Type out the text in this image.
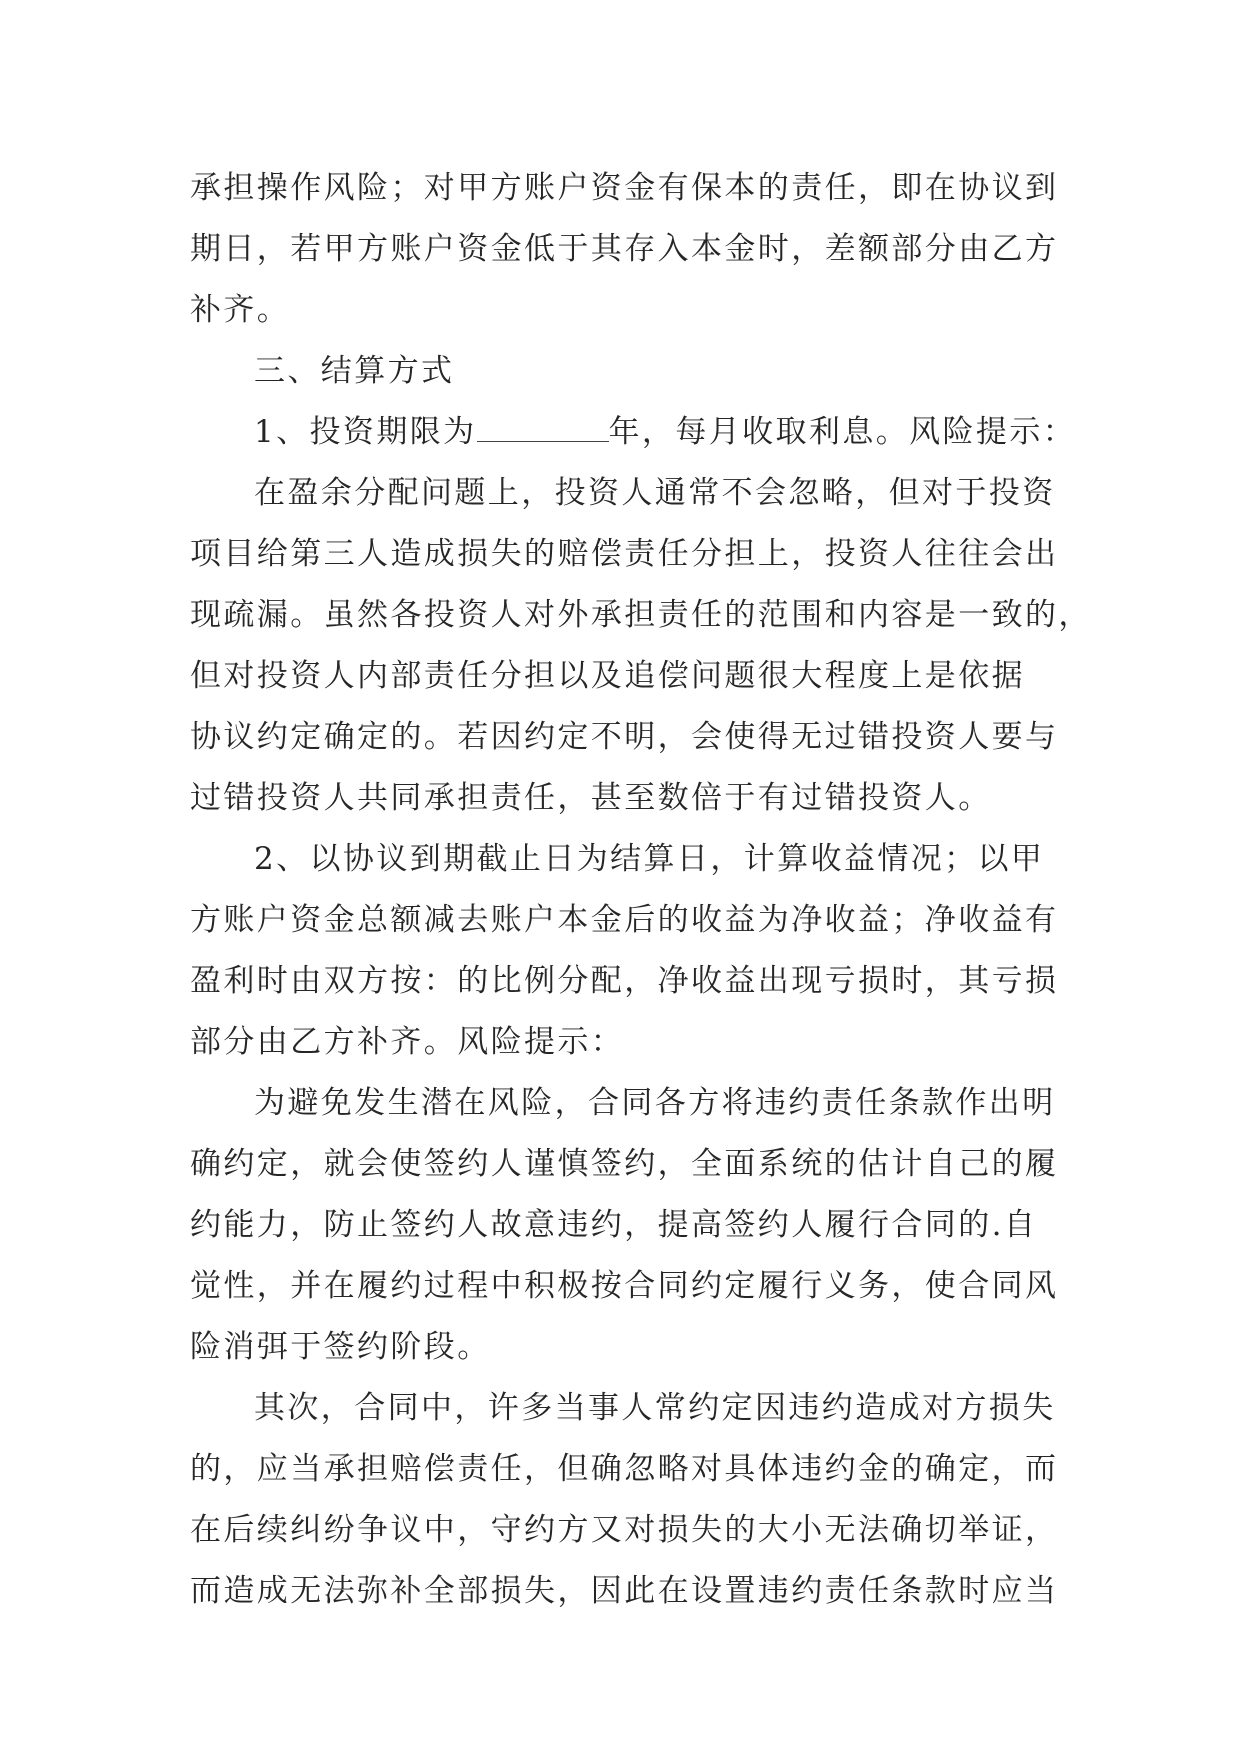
承担操作风险；对甲方账户资金有保本的责任，即在协议到
期日，若甲方账户资金低于其存入本金时，差额部分由乙方
补齐。
三、结算方式
1、投资期限为	年，每月收取利息。风险提示：
在盈余分配问题上，投资人通常不会忽略，但对于投资
项目给第三人造成损失的赔偿责任分担上，投资人往往会出
现疏漏。虽然各投资人对外承担责任的范围和内容是一致的，
但对投资人内部责任分担以及追偿问题很大程度上是依据
协议约定确定的。若因约定不明，会使得无过错投资人要与
过错投资人共同承担责任，甚至数倍于有过错投资人。
2、以协议到期截止日为结算日，计算收益情况；以甲
方账户资金总额减去账户本金后的收益为净收益；净收益有
盈利时由双方按：的比例分配，净收益出现亏损时，其亏损
部分由乙方补齐。风险提示：
为避免发生潜在风险，合同各方将违约责任条款作出明
确约定，就会使签约人谨慎签约，全面系统的估计自己的履
约能力，防止签约人故意违约，提高签约人履行合同的.自
觉性，并在履约过程中积极按合同约定履行义务，使合同风
险消弭于签约阶段。
其次，合同中，许多当事人常约定因违约造成对方损失
的，应当承担赔偿责任，但确忽略对具体违约金的确定，而
在后续纠纷争议中，守约方又对损失的大小无法确切举证，
而造成无法弥补全部损失，因此在设置违约责任条款时应当
